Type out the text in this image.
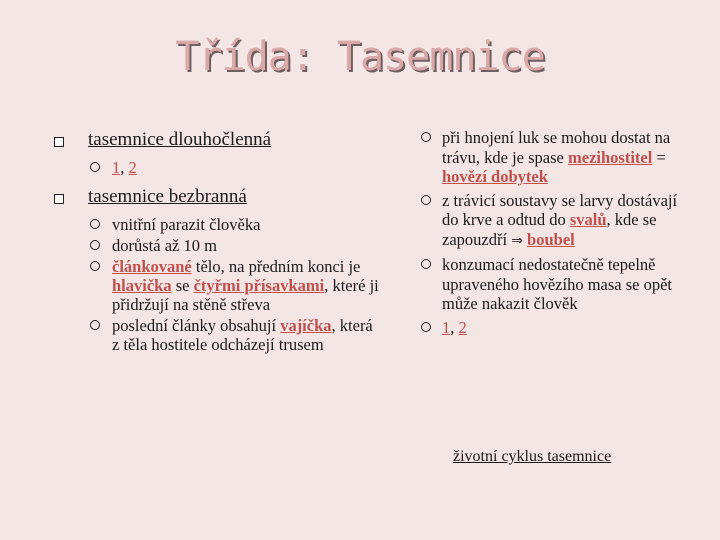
Třída: Tasemnice
tasemnice dlouhočlenná
1, 2
tasemnice bezbranná
vnitřní parazit člověka
dorůstá až 10 m
článkované tělo, na předním konci je hlavička se čtyřmi přísavkami, které ji přidržují na stěně střeva
poslední články obsahují vajíčka, která z těla hostitele odcházejí trusem
při hnojení luk se mohou dostat na trávu, kde je spase mezihostitel = hovězí dobytek
z trávicí soustavy se larvy dostávají do krve a odtud do svalů, kde se zapouzdří ⇒ boubel
konzumací nedostatečně tepelně upraveného hovězího masa se opět může nakazit člověk
1, 2
životní cyklus tasemnice
